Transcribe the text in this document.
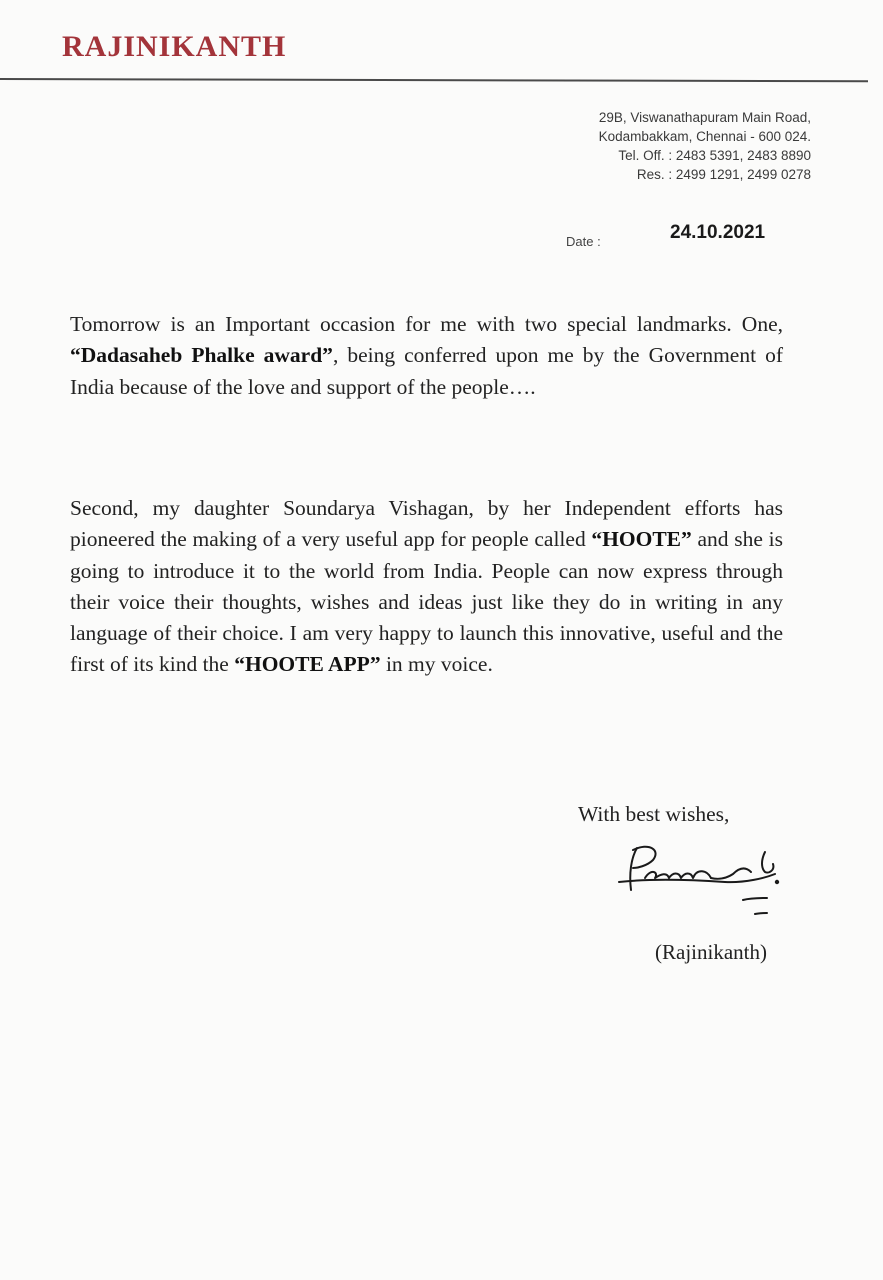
RAJINIKANTH
29B, Viswanathapuram Main Road,
Kodambakkam, Chennai - 600 024.
Tel. Off. : 2483 5391, 2483 8890
Res. : 2499 1291, 2499 0278
Date :	24.10.2021

Tomorrow is an Important occasion for me with two special landmarks. One, “Dadasaheb Phalke award”, being conferred upon me by the Government of India because of the love and support of the people….

Second, my daughter Soundarya Vishagan, by her Independent efforts has pioneered the making of a very useful app for people called “HOOTE” and she is going to introduce it to the world from India. People can now express through their voice their thoughts, wishes and ideas just like they do in writing in any language of their choice. I am very happy to launch this innovative, useful and the first of its kind the “HOOTE APP” in my voice.

With best wishes,
(Rajinikanth)
